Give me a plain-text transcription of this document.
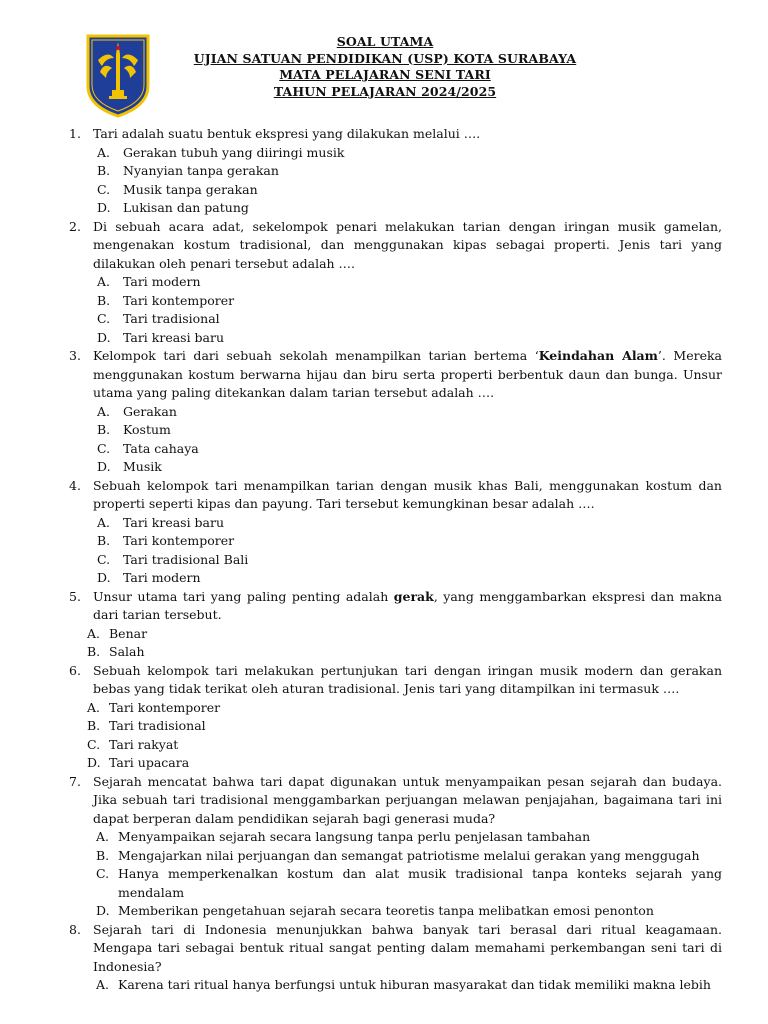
SOAL UTAMA
UJIAN SATUAN PENDIDIKAN (USP) KOTA SURABAYA
MATA PELAJARAN SENI TARI
TAHUN PELAJARAN 2024/2025
1. Tari adalah suatu bentuk ekspresi yang dilakukan melalui ….
A. Gerakan tubuh yang diiringi musik
B. Nyanyian tanpa gerakan
C. Musik tanpa gerakan
D. Lukisan dan patung
2. Di sebuah acara adat, sekelompok penari melakukan tarian dengan iringan musik gamelan, mengenakan kostum tradisional, dan menggunakan kipas sebagai properti. Jenis tari yang dilakukan oleh penari tersebut adalah ….
A. Tari modern
B. Tari kontemporer
C. Tari tradisional
D. Tari kreasi baru
3. Kelompok tari dari sebuah sekolah menampilkan tarian bertema ‘Keindahan Alam’. Mereka menggunakan kostum berwarna hijau dan biru serta properti berbentuk daun dan bunga. Unsur utama yang paling ditekankan dalam tarian tersebut adalah ….
A. Gerakan
B. Kostum
C. Tata cahaya
D. Musik
4. Sebuah kelompok tari menampilkan tarian dengan musik khas Bali, menggunakan kostum dan properti seperti kipas dan payung. Tari tersebut kemungkinan besar adalah ….
A. Tari kreasi baru
B. Tari kontemporer
C. Tari tradisional Bali
D. Tari modern
5. Unsur utama tari yang paling penting adalah gerak, yang menggambarkan ekspresi dan makna dari tarian tersebut.
A. Benar
B. Salah
6. Sebuah kelompok tari melakukan pertunjukan tari dengan iringan musik modern dan gerakan bebas yang tidak terikat oleh aturan tradisional. Jenis tari yang ditampilkan ini termasuk ….
A. Tari kontemporer
B. Tari tradisional
C. Tari rakyat
D. Tari upacara
7. Sejarah mencatat bahwa tari dapat digunakan untuk menyampaikan pesan sejarah dan budaya. Jika sebuah tari tradisional menggambarkan perjuangan melawan penjajahan, bagaimana tari ini dapat berperan dalam pendidikan sejarah bagi generasi muda?
A. Menyampaikan sejarah secara langsung tanpa perlu penjelasan tambahan
B. Mengajarkan nilai perjuangan dan semangat patriotisme melalui gerakan yang menggugah
C. Hanya memperkenalkan kostum dan alat musik tradisional tanpa konteks sejarah yang mendalam
D. Memberikan pengetahuan sejarah secara teoretis tanpa melibatkan emosi penonton
8. Sejarah tari di Indonesia menunjukkan bahwa banyak tari berasal dari ritual keagamaan. Mengapa tari sebagai bentuk ritual sangat penting dalam memahami perkembangan seni tari di Indonesia?
A. Karena tari ritual hanya berfungsi untuk hiburan masyarakat dan tidak memiliki makna lebih
